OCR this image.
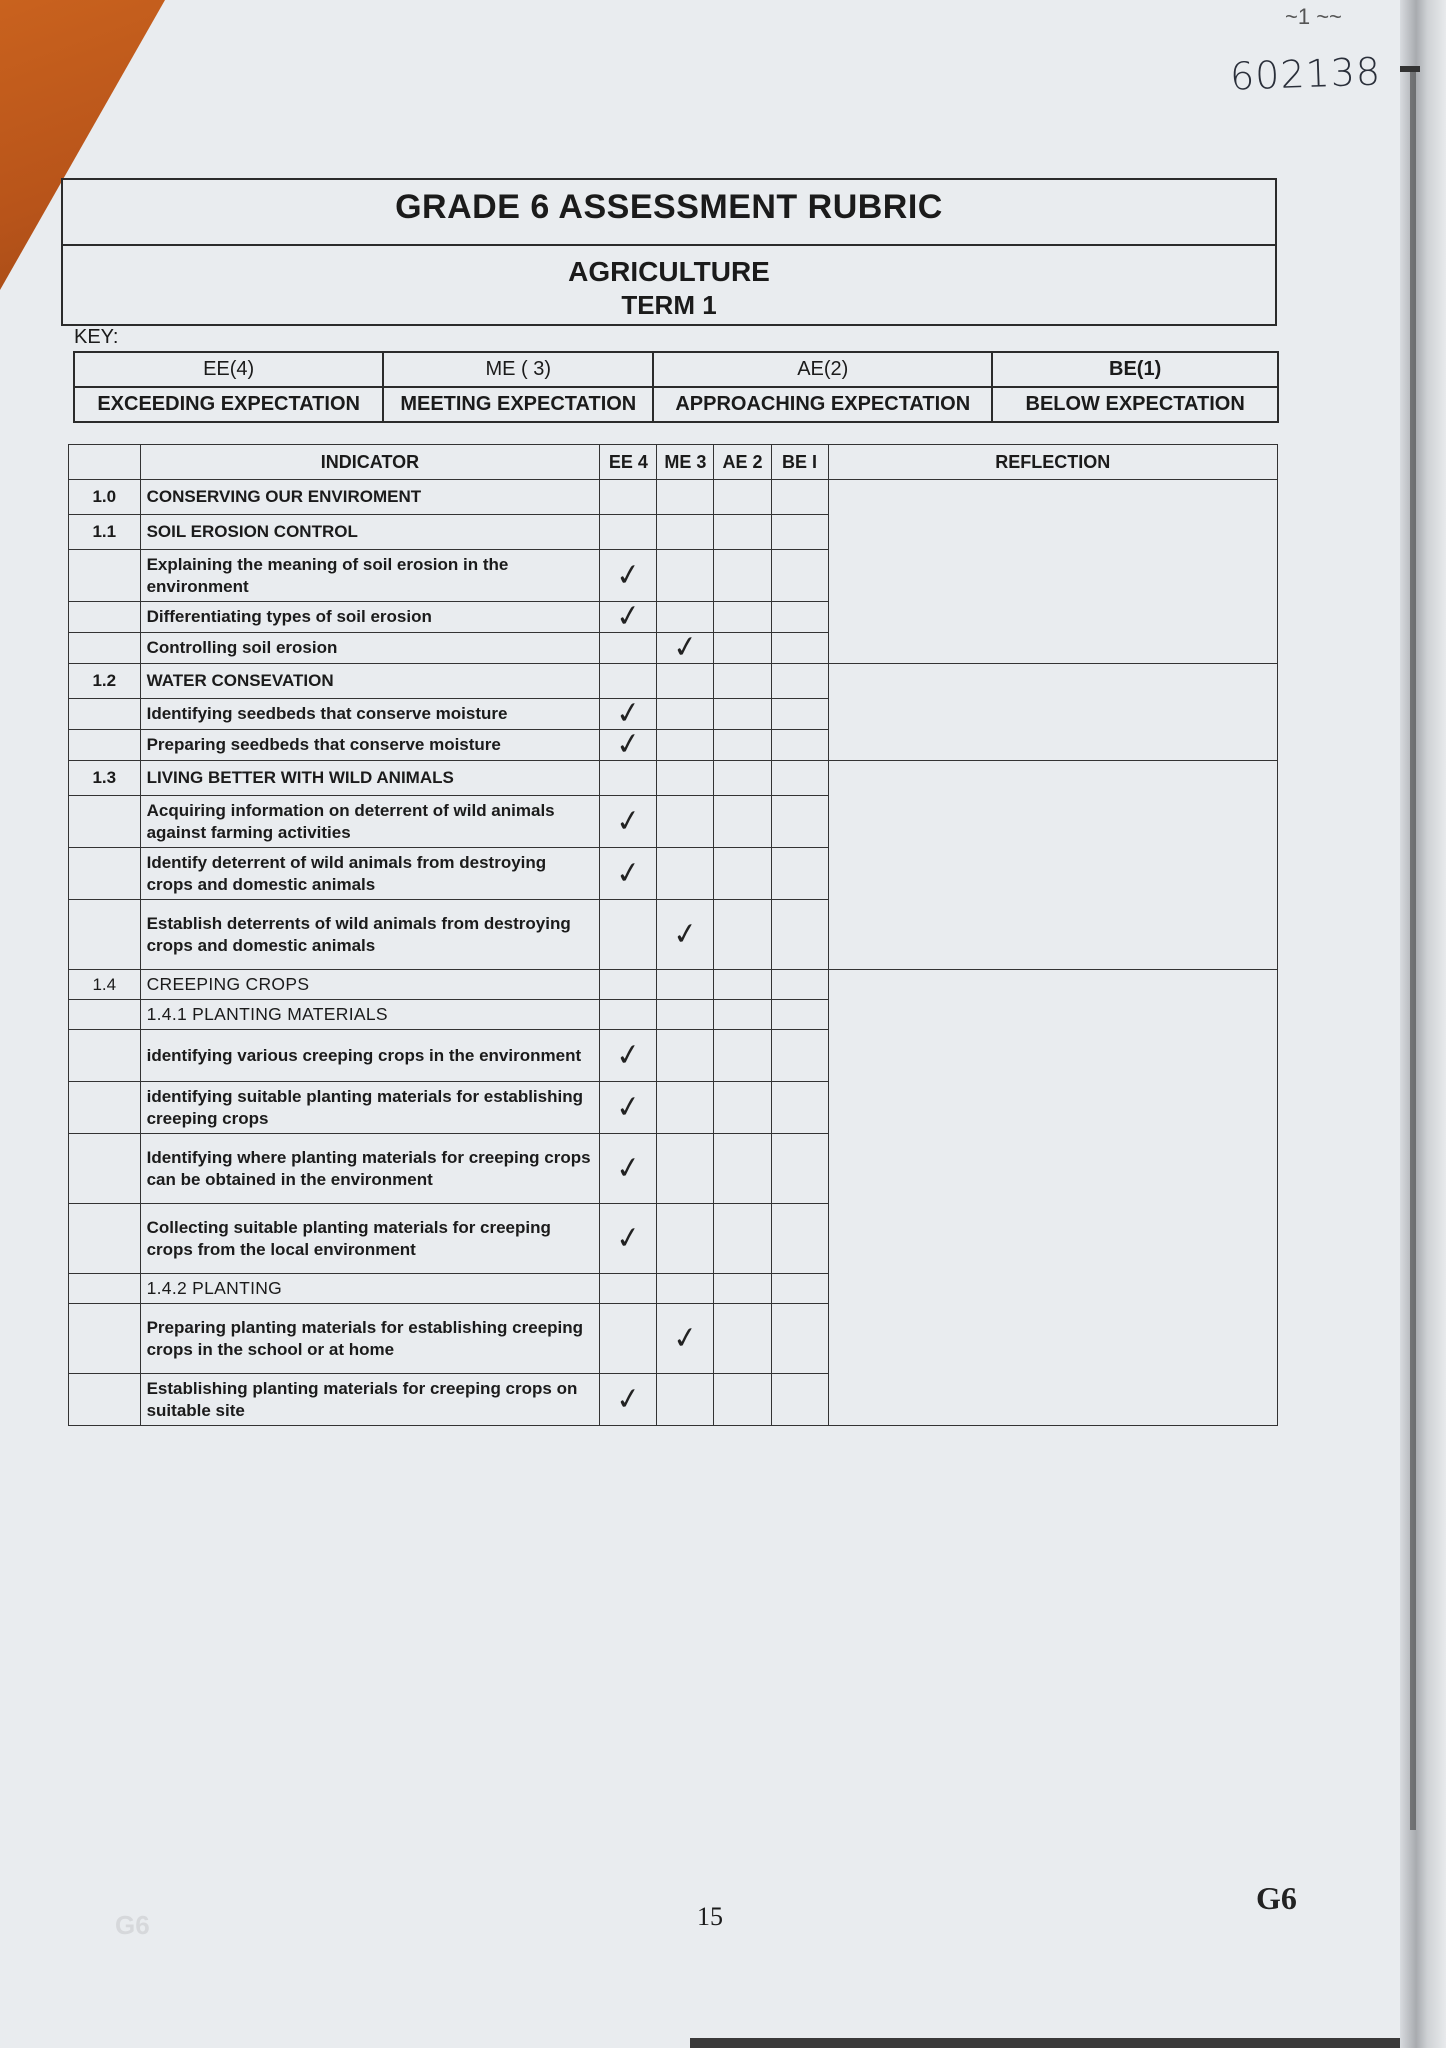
~1 ~~
602138
GRADE 6 ASSESSMENT RUBRIC
AGRICULTURE
TERM 1
KEY:
EE(4)	ME ( 3)	AE(2)	BE(1)
EXCEEDING EXPECTATION	MEETING EXPECTATION	APPROACHING EXPECTATION	BELOW EXPECTATION
	INDICATOR	EE 4	ME 3	AE 2	BE I	REFLECTION
1.0	CONSERVING OUR ENVIROMENT					
1.1	SOIL EROSION CONTROL					
	Explaining the meaning of soil erosion in the environment	✓				
	Differentiating types of soil erosion	✓				
	Controlling soil erosion		✓			
1.2	WATER CONSEVATION					
	Identifying seedbeds that conserve moisture	✓				
	Preparing seedbeds that conserve moisture	✓				
1.3	LIVING BETTER WITH WILD ANIMALS					
	Acquiring information on deterrent of wild animals against farming activities	✓				
	Identify deterrent of wild animals from destroying crops and domestic animals	✓				
	Establish deterrents of wild animals from destroying crops and domestic animals		✓			
1.4	CREEPING CROPS					
	1.4.1 PLANTING MATERIALS					
	identifying various creeping crops in the environment	✓				
	identifying suitable planting materials for establishing creeping crops	✓				
	Identifying where planting materials for creeping crops can be obtained in the environment	✓				
	Collecting suitable planting materials for creeping crops from the local environment	✓				
	1.4.2 PLANTING					
	Preparing planting materials for establishing creeping crops in the school or at home		✓			
	Establishing planting materials for creeping crops on suitable site	✓				
G6	15
G6
